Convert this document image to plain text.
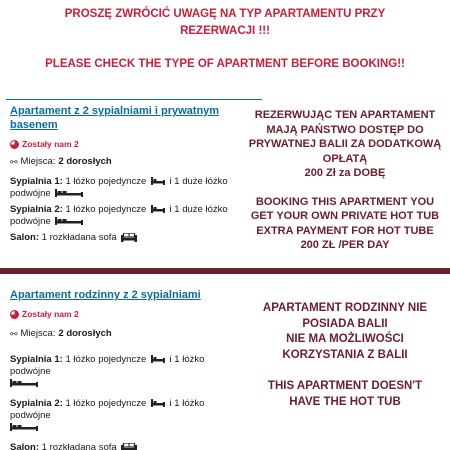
PROSZĘ ZWRÓCIĆ UWAGĘ NA TYP APARTAMENTU PRZY
REZERWACJI !!!
PLEASE CHECK THE TYPE OF APARTMENT BEFORE BOOKING!!
Apartament z 2 sypialniami i prywatnym
basenem
Zostały nam 2
⚯ Miejsca: 2 dorosłych
Sypialnia 1: 1 łóżko pojedyncze i 1 duże łóżko
podwójne
Sypialnia 2: 1 łóżko pojedyncze i 1 duże łóżko
podwójne
Salon: 1 rozkładana sofa
REZERWUJĄC TEN APARTAMENT
MAJĄ PAŃSTWO DOSTĘP DO
PRYWATNEJ BALII ZA DODATKOWĄ
OPŁATĄ
200 Zł za DOBĘ
BOOKING THIS APARTMENT YOU
GET YOUR OWN PRIVATE HOT TUB
EXTRA PAYMENT FOR HOT TUBE
200 ZŁ /PER DAY
Apartament rodzinny z 2 sypialniami
Zostały nam 2
⚯ Miejsca: 2 dorosłych
Sypialnia 1: 1 łóżko pojedyncze i 1 łóżko podwójne

Sypialnia 2: 1 łóżko pojedyncze i 1 łóżko podwójne

Salon: 1 rozkładana sofa
APARTAMENT RODZINNY NIE
POSIADA BALII
NIE MA MOŻLIWOŚCI
KORZYSTANIA Z BALII
THIS APARTMENT DOESN'T
HAVE THE HOT TUB
